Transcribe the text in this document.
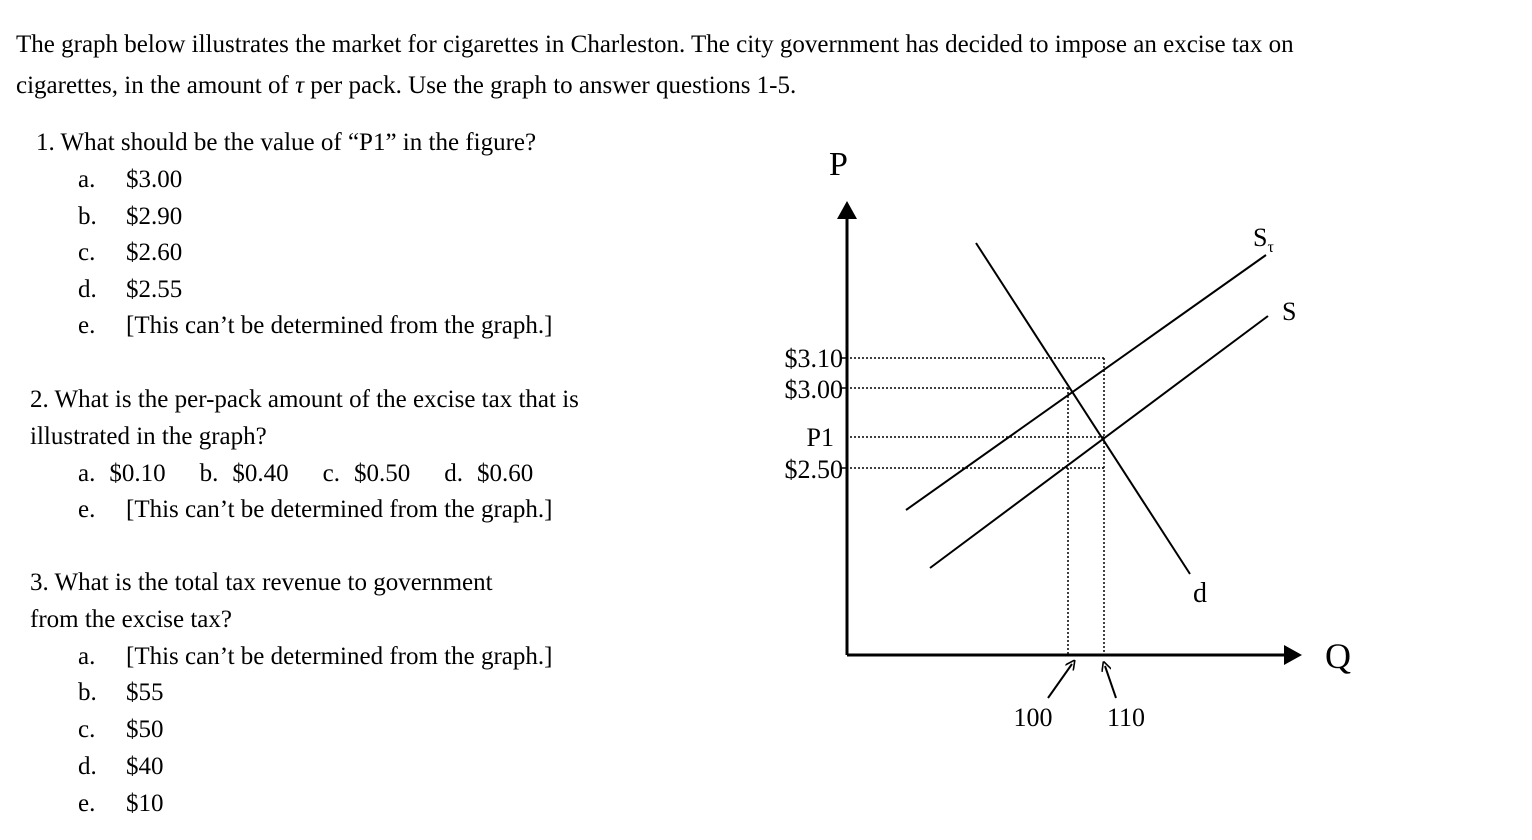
The graph below illustrates the market for cigarettes in Charleston. The city government has decided to impose an excise tax on
cigarettes, in the amount of τ per pack. Use the graph to answer questions 1-5.
1. What should be the value of “P1” in the figure?
a. $3.00
b. $2.90
c. $2.60
d. $2.55
e. [This can’t be determined from the graph.]
2. What is the per-pack amount of the excise tax that is
illustrated in the graph?
a. $0.10 b. $0.40 c. $0.50 d. $0.60
e. [This can’t be determined from the graph.]
3. What is the total tax revenue to government
from the excise tax?
a. [This can’t be determined from the graph.]
b. $55
c. $50
d. $40
e. $10
P
Q
$3.10
$3.00
P1
$2.50
$S_\tau$
S
d
100 110
